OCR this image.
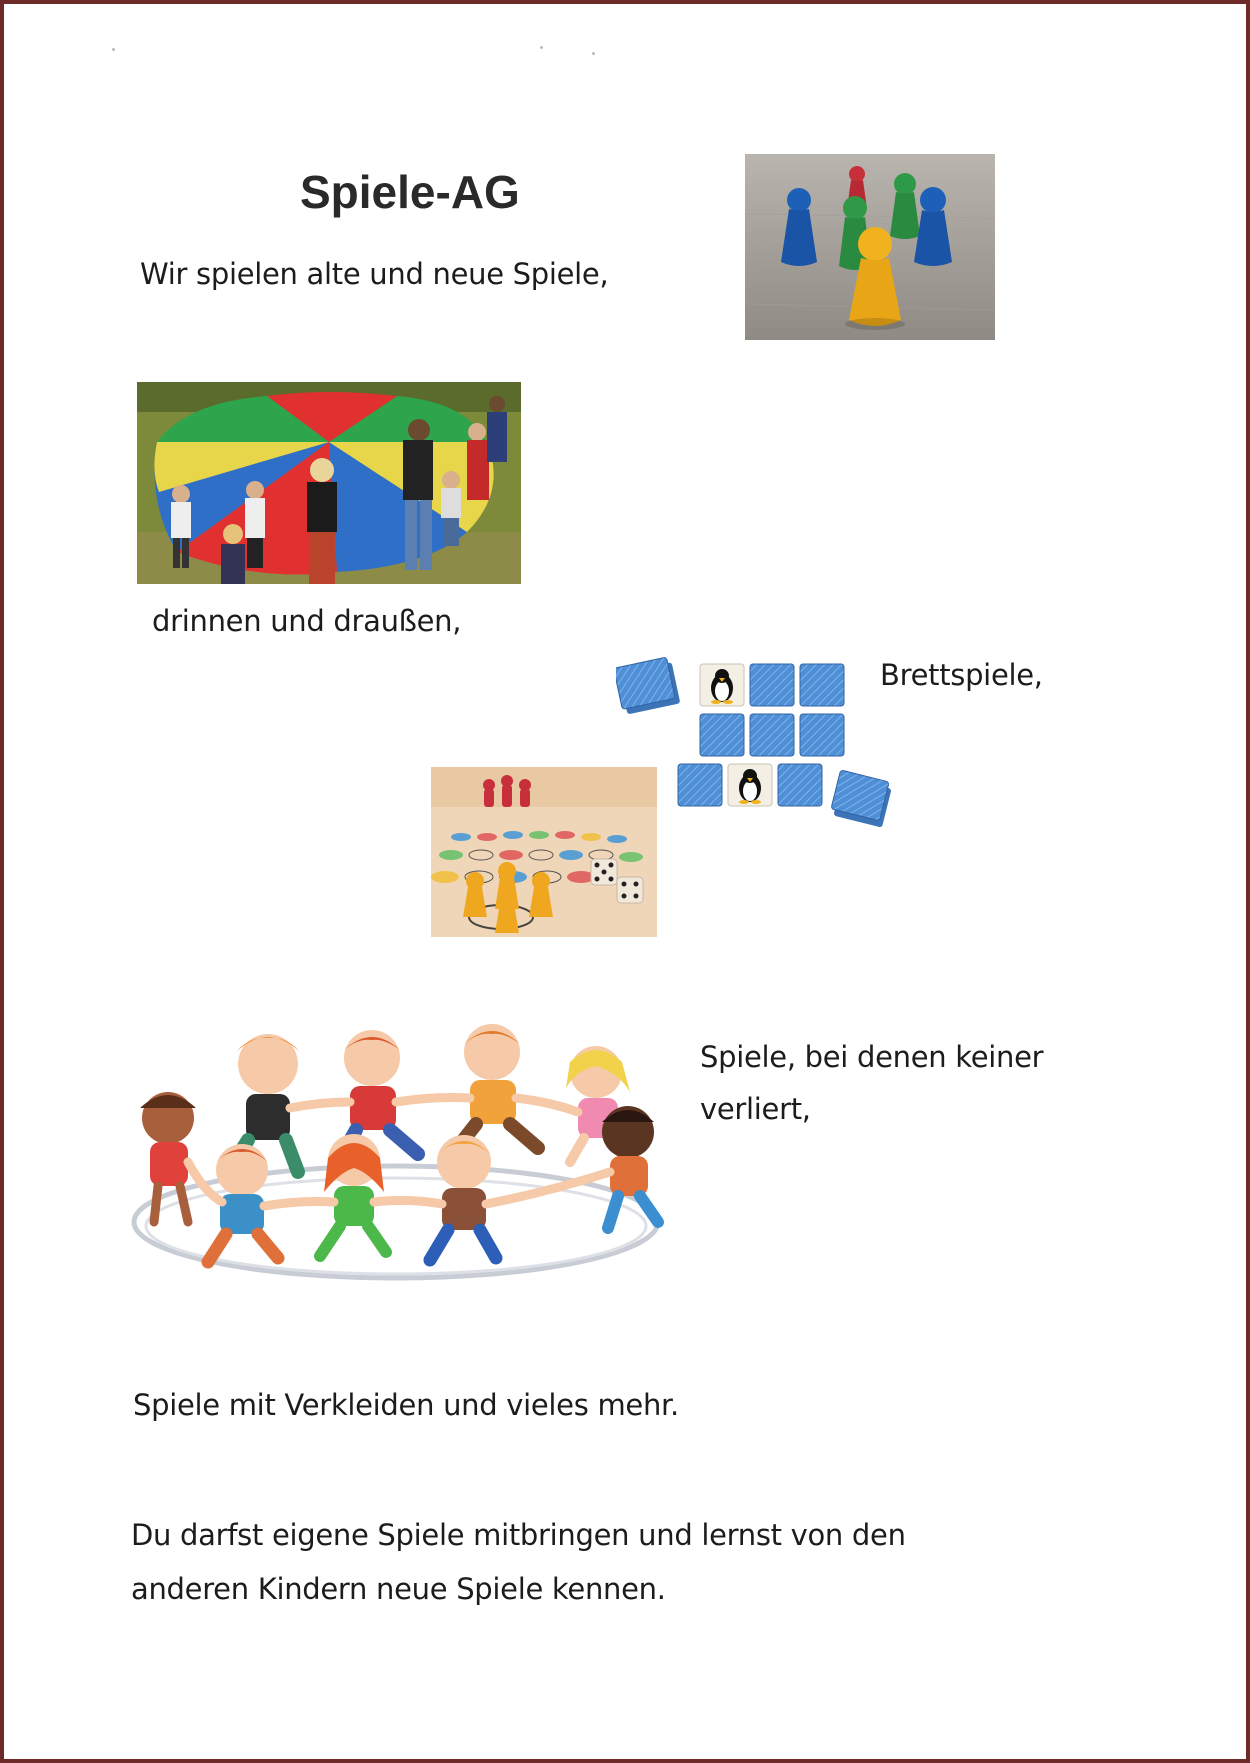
Spiele-AG
Wir spielen alte und neue Spiele,
drinnen und draußen,
Brettspiele,
Spiele, bei denen keiner
verliert,
Spiele mit Verkleiden und vieles mehr.
Du darfst eigene Spiele mitbringen und lernst von den
anderen Kindern neue Spiele kennen.
